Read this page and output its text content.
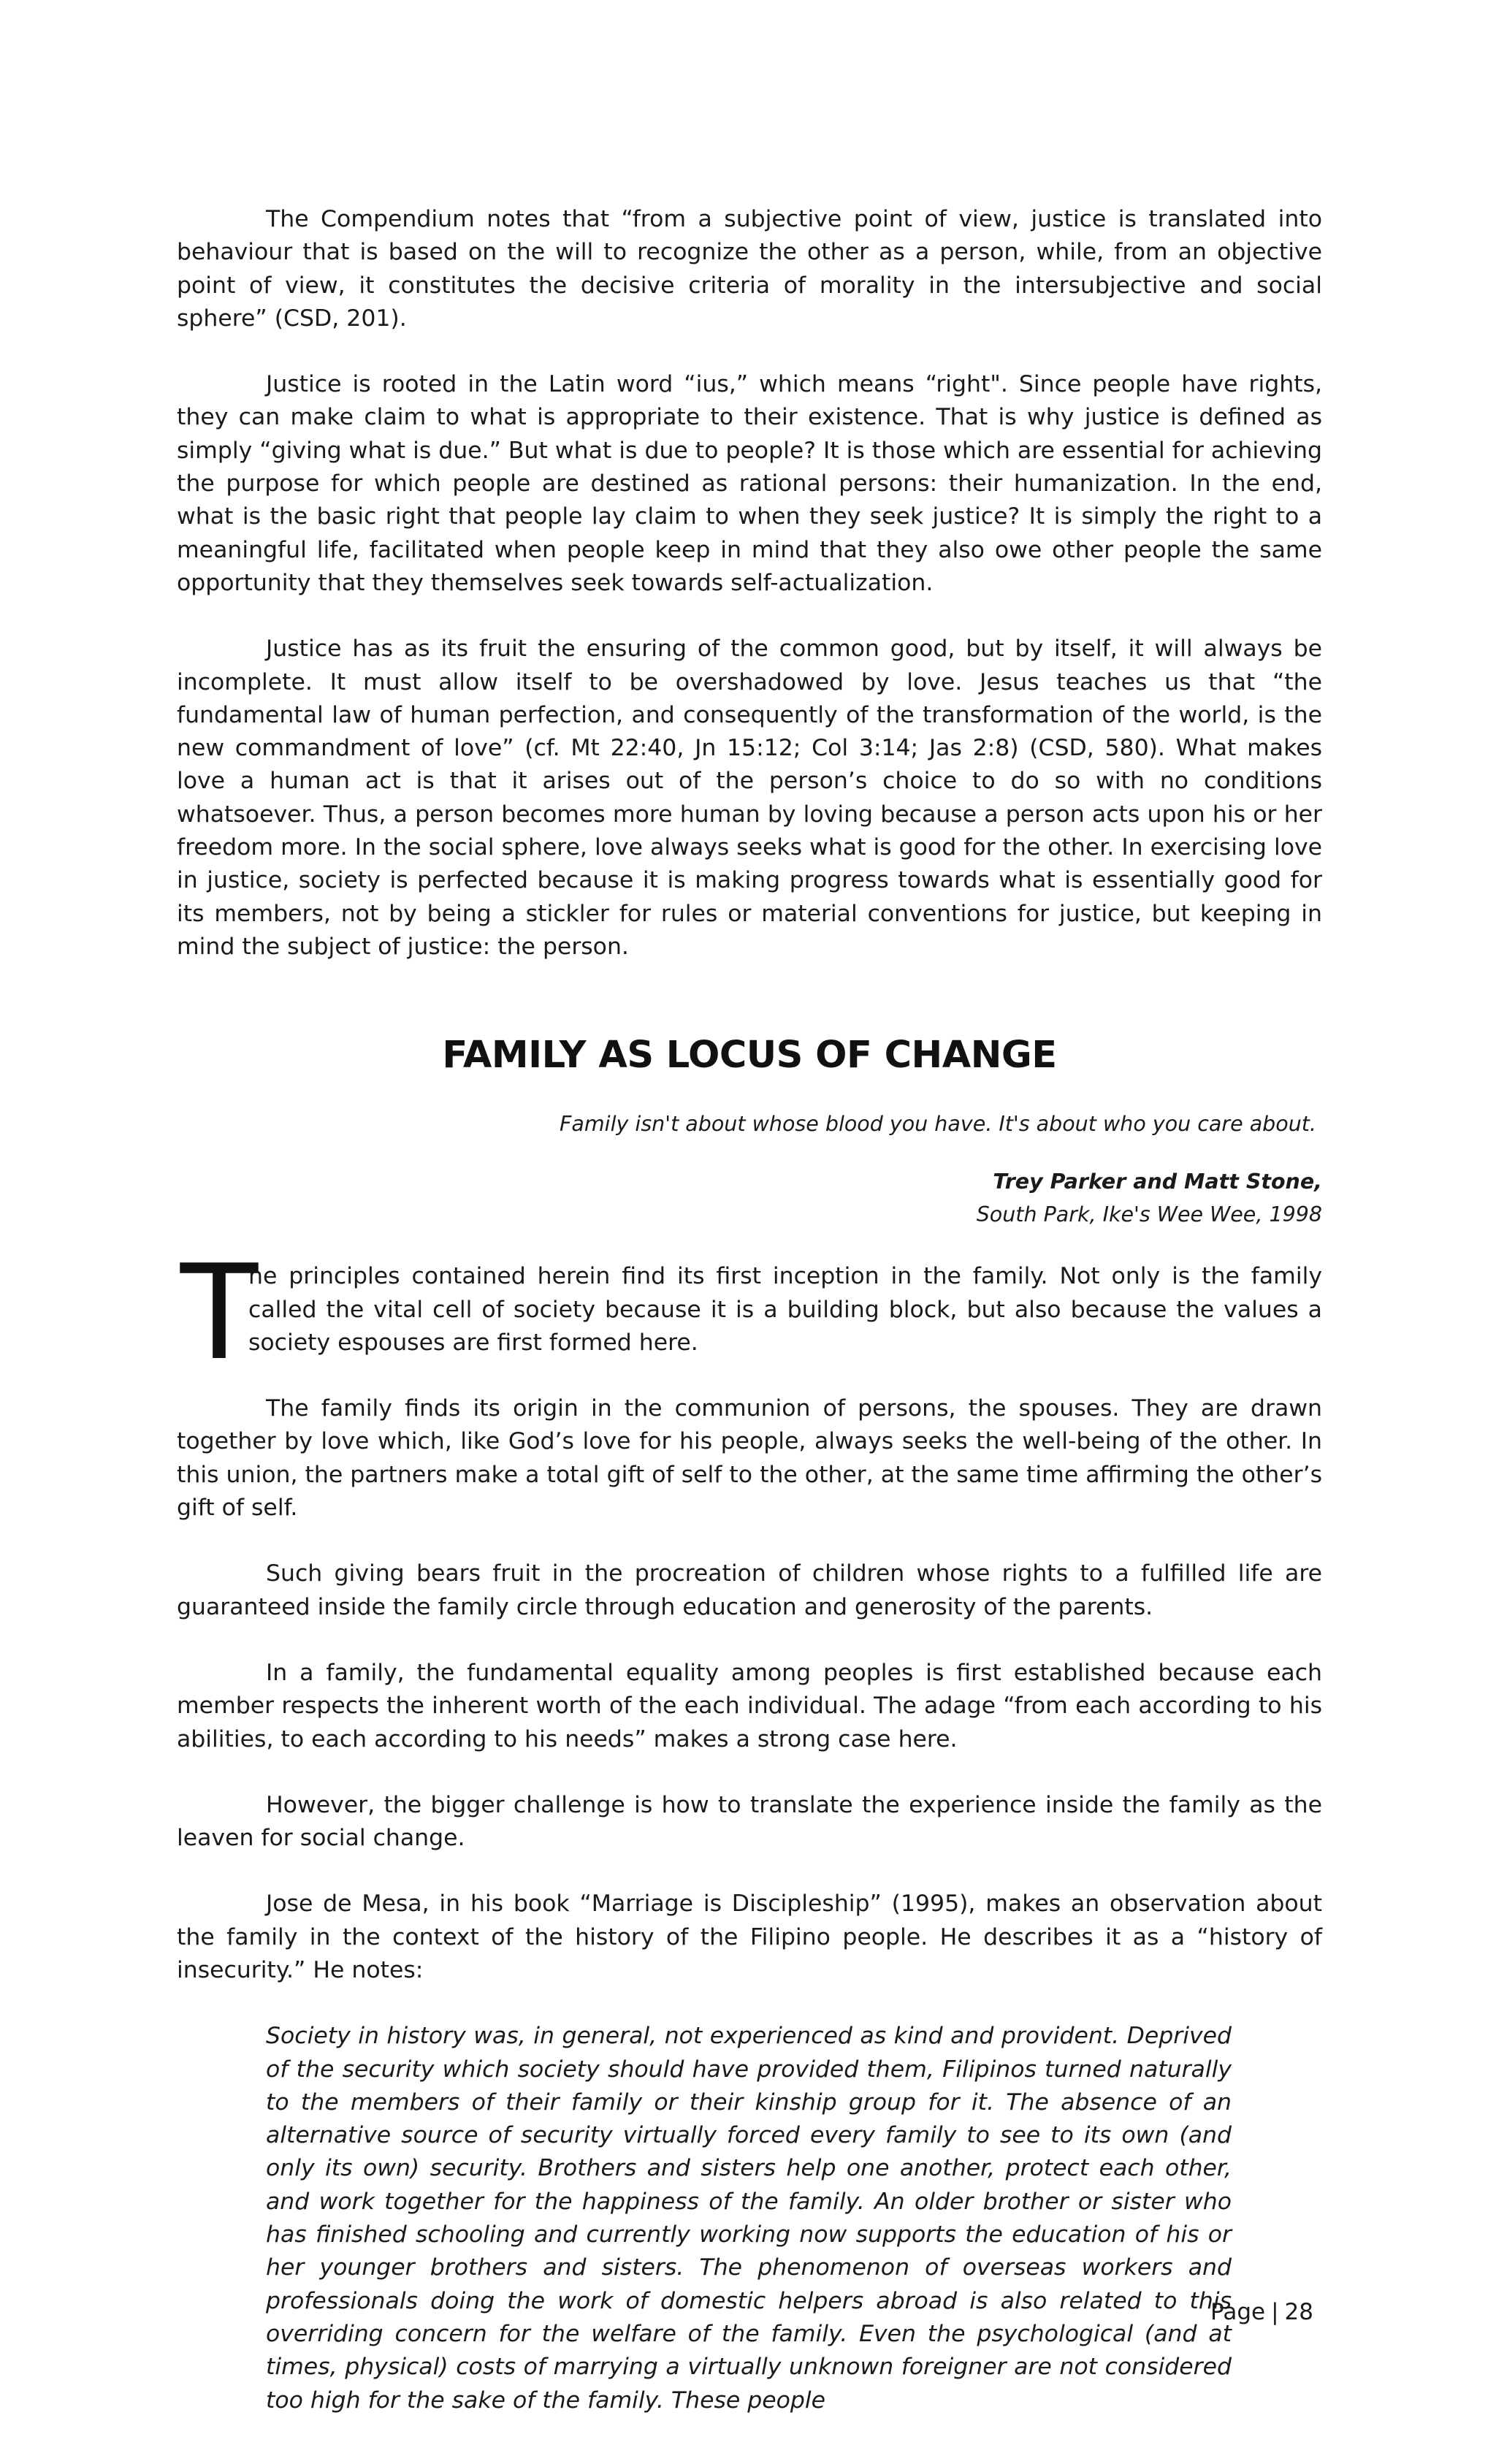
The Compendium notes that “from a subjective point of view, justice is translated into behaviour that is based on the will to recognize the other as a person, while, from an objective point of view, it constitutes the decisive criteria of morality in the intersubjective and social sphere” (CSD, 201).

Justice is rooted in the Latin word “ius,” which means “right". Since people have rights, they can make claim to what is appropriate to their existence. That is why justice is defined as simply “giving what is due.” But what is due to people? It is those which are essential for achieving the purpose for which people are destined as rational persons: their humanization. In the end, what is the basic right that people lay claim to when they seek justice? It is simply the right to a meaningful life, facilitated when people keep in mind that they also owe other people the same opportunity that they themselves seek towards self-actualization.

Justice has as its fruit the ensuring of the common good, but by itself, it will always be incomplete. It must allow itself to be overshadowed by love. Jesus teaches us that “the fundamental law of human perfection, and consequently of the transformation of the world, is the new commandment of love” (cf. Mt 22:40, Jn 15:12; Col 3:14; Jas 2:8) (CSD, 580). What makes love a human act is that it arises out of the person’s choice to do so with no conditions whatsoever. Thus, a person becomes more human by loving because a person acts upon his or her freedom more. In the social sphere, love always seeks what is good for the other. In exercising love in justice, society is perfected because it is making progress towards what is essentially good for its members, not by being a stickler for rules or material conventions for justice, but keeping in mind the subject of justice: the person.

FAMILY AS LOCUS OF CHANGE
Family isn't about whose blood you have. It's about who you care about.
Trey Parker and Matt Stone,
South Park, Ike's Wee Wee, 1998

T
he principles contained herein find its first inception in the family. Not only is the family called the vital cell of society because it is a building block, but also because the values a society espouses are first formed here.

The family finds its origin in the communion of persons, the spouses. They are drawn together by love which, like God’s love for his people, always seeks the well-being of the other. In this union, the partners make a total gift of self to the other, at the same time affirming the other’s gift of self.

Such giving bears fruit in the procreation of children whose rights to a fulfilled life are guaranteed inside the family circle through education and generosity of the parents.

In a family, the fundamental equality among peoples is first established because each member respects the inherent worth of the each individual. The adage “from each according to his abilities, to each according to his needs” makes a strong case here.

However, the bigger challenge is how to translate the experience inside the family as the leaven for social change.

Jose de Mesa, in his book “Marriage is Discipleship” (1995), makes an observation about the family in the context of the history of the Filipino people. He describes it as a “history of insecurity.” He notes:

Society in history was, in general, not experienced as kind and provident. Deprived of the security which society should have provided them, Filipinos turned naturally to the members of their family or their kinship group for it. The absence of an alternative source of security virtually forced every family to see to its own (and only its own) security. Brothers and sisters help one another, protect each other, and work together for the happiness of the family. An older brother or sister who has finished schooling and currently working now supports the education of his or her younger brothers and sisters. The phenomenon of overseas workers and professionals doing the work of domestic helpers abroad is also related to this overriding concern for the welfare of the family. Even the psychological (and at times, physical) costs of marrying a virtually unknown foreigner are not considered too high for the sake of the family. These people

Page | 28
